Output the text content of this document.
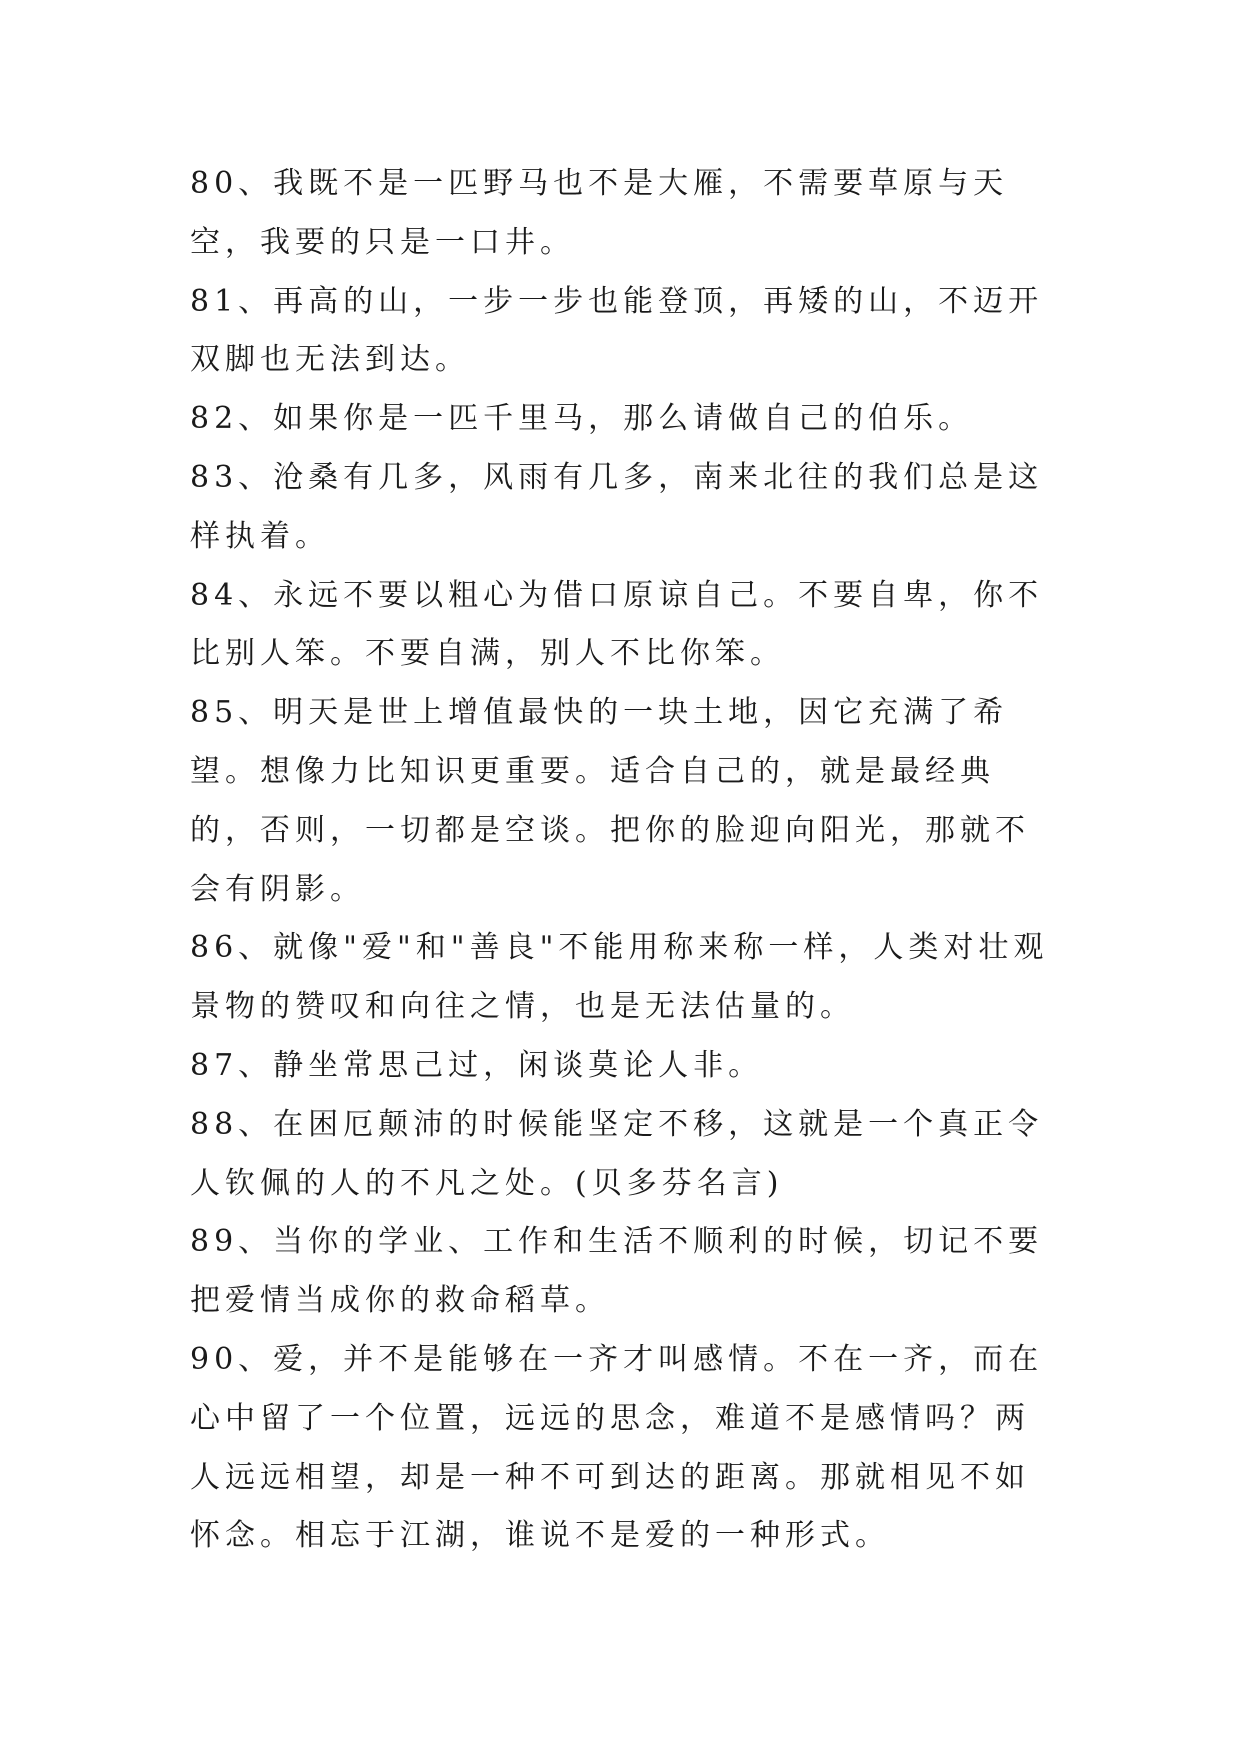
80、我既不是一匹野马也不是大雁，不需要草原与天空，我要的只是一口井。

81、再高的山，一步一步也能登顶，再矮的山，不迈开双脚也无法到达。

82、如果你是一匹千里马，那么请做自己的伯乐。

83、沧桑有几多，风雨有几多，南来北往的我们总是这样执着。

84、永远不要以粗心为借口原谅自己。不要自卑，你不比别人笨。不要自满，别人不比你笨。

85、明天是世上增值最快的一块土地，因它充满了希望。想像力比知识更重要。适合自己的，就是最经典的，否则，一切都是空谈。把你的脸迎向阳光，那就不会有阴影。

86、就像"爱"和"善良"不能用称来称一样，人类对壮观景物的赞叹和向往之情，也是无法估量的。

87、静坐常思己过，闲谈莫论人非。

88、在困厄颠沛的时候能坚定不移，这就是一个真正令人钦佩的人的不凡之处。(贝多芬名言)

89、当你的学业、工作和生活不顺利的时候，切记不要把爱情当成你的救命稻草。

90、爱，并不是能够在一齐才叫感情。不在一齐，而在心中留了一个位置，远远的思念，难道不是感情吗？两人远远相望，却是一种不可到达的距离。那就相见不如怀念。相忘于江湖，谁说不是爱的一种形式。
